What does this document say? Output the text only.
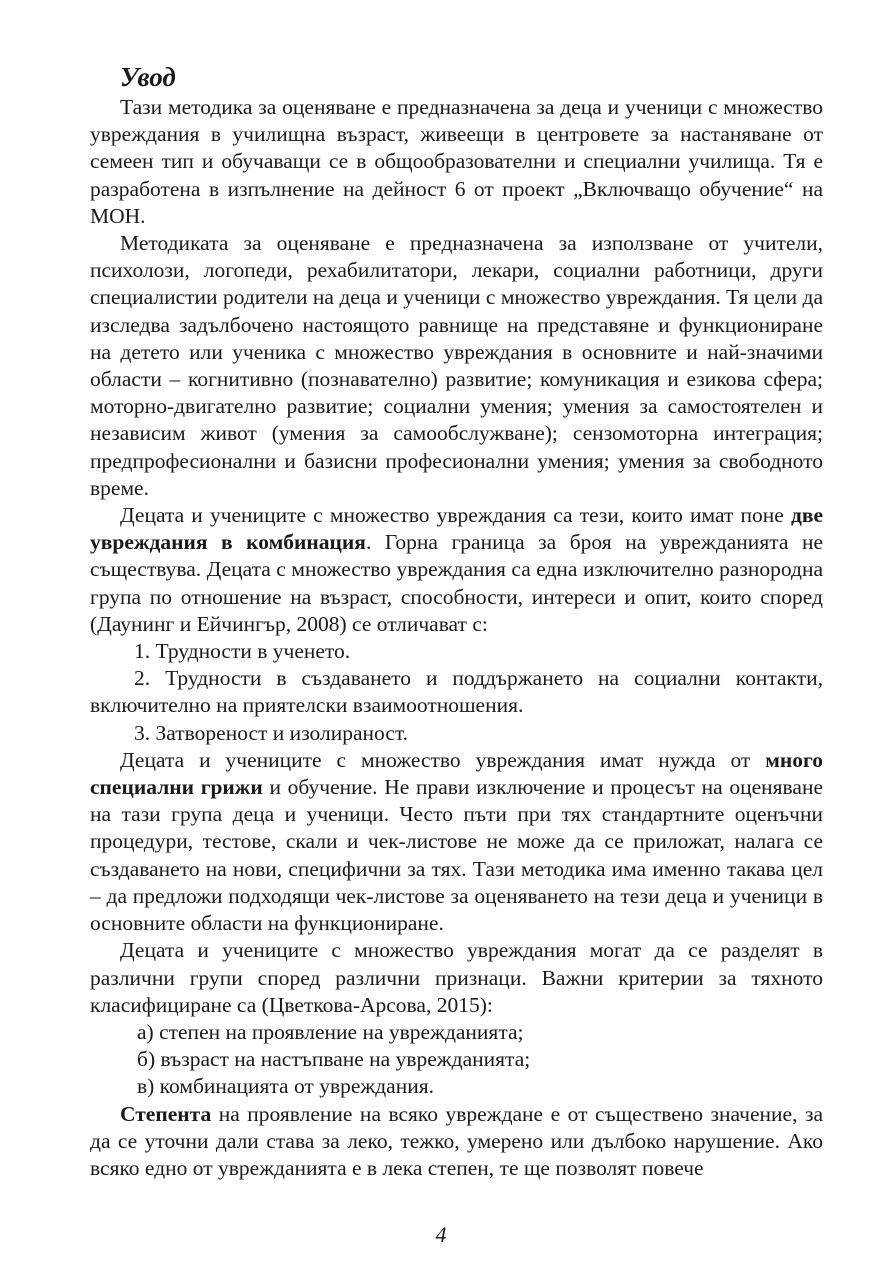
Увод

Тази методика за оценяване е предназначена за деца и ученици с множество увреждания в училищна възраст, живеещи в центровете за настаняване от семеен тип и обучаващи се в общообразователни и специални училища. Тя е разработена в изпълнение на дейност 6 от проект „Включващо обучение“ на МОН.

Методиката за оценяване е предназначена за използване от учители, психолози, логопеди, рехабилитатори, лекари, социални работници, други специалистии родители на деца и ученици с множество увреждания. Тя цели да изследва задълбочено настоящото равнище на представяне и функциониране на детето или ученика с множество увреждания в основните и най-значими области – когнитивно (познавателно) развитие; комуникация и езикова сфера; моторно-двигателно развитие; социални умения; умения за самостоятелен и независим живот (умения за самообслужване); сензомоторна интеграция; предпрофесионални и базисни професионални умения; умения за свободното време.

Децата и учениците с множество увреждания са тези, които имат поне две увреждания в комбинация. Горна граница за броя на уврежданията не съществува. Децата с множество увреждания са една изключително разнородна група по отношение на възраст, способности, интереси и опит, които според (Даунинг и Ейчингър, 2008) се отличават с:

1. Трудности в ученето.

2. Трудности в създаването и поддържането на социални контакти, включително на приятелски взаимоотношения.

3. Затвореност и изолираност.

Децата и учениците с множество увреждания имат нужда от много специални грижи и обучение. Не прави изключение и процесът на оценяване на тази група деца и ученици. Често пъти при тях стандартните оценъчни процедури, тестове, скали и чек-листове не може да се приложат, налага се създаването на нови, специфични за тях. Тази методика има именно такава цел – да предложи подходящи чек-листове за оценяването на тези деца и ученици в основните области на функциониране.

Децата и учениците с множество увреждания могат да се разделят в различни групи според различни признаци. Важни критерии за тяхното класифициране са (Цветкова-Арсова, 2015):

а) степен на проявление на уврежданията;

б) възраст на настъпване на уврежданията;

в) комбинацията от увреждания.

Степента на проявление на всяко увреждане е от съществено значение, за да се уточни дали става за леко, тежко, умерено или дълбоко нарушение. Ако всяко едно от уврежданията е в лека степен, те ще позволят повече

4
